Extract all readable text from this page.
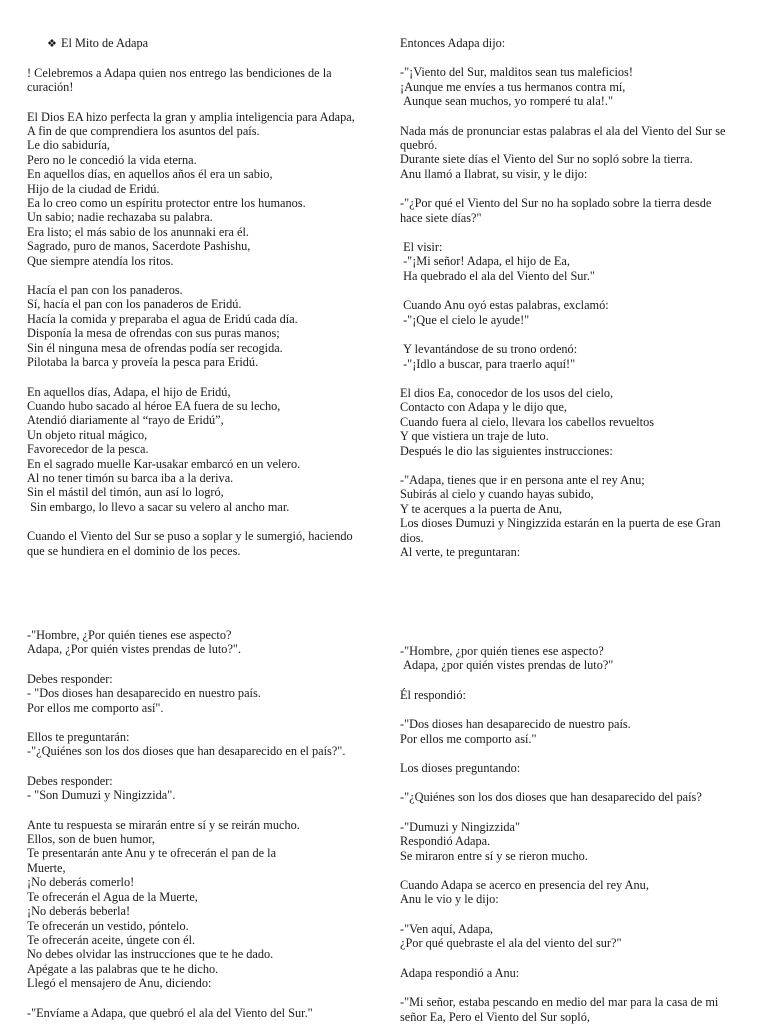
❖ El Mito de Adapa

! Celebremos a Adapa quien nos entrego las bendiciones de la
curación!

El Dios EA hizo perfecta la gran y amplia inteligencia para Adapa,
A fin de que comprendiera los asuntos del país.
Le dio sabiduría,
Pero no le concedió la vida eterna.
En aquellos días, en aquellos años él era un sabio,
Hijo de la ciudad de Eridú.
Ea lo creo como un espíritu protector entre los humanos.
Un sabio; nadie rechazaba su palabra.
Era listo; el más sabio de los anunnaki era él.
Sagrado, puro de manos, Sacerdote Pashishu,
Que siempre atendía los ritos.

Hacía el pan con los panaderos.
Sí, hacía el pan con los panaderos de Eridú.
Hacía la comida y preparaba el agua de Eridú cada día.
Disponía la mesa de ofrendas con sus puras manos;
Sin él ninguna mesa de ofrendas podía ser recogida.
Pilotaba la barca y proveía la pesca para Eridú.

En aquellos días, Adapa, el hijo de Eridú,
Cuando hubo sacado al héroe EA fuera de su lecho,
Atendió diariamente al “rayo de Eridú”,
Un objeto ritual mágico,
Favorecedor de la pesca.
En el sagrado muelle Kar-usakar embarcó en un velero.
Al no tener timón su barca iba a la deriva.
Sin el mástil del timón, aun así lo logró,
Sin embargo, lo llevo a sacar su velero al ancho mar.

Cuando el Viento del Sur se puso a soplar y le sumergió, haciendo
que se hundiera en el dominio de los peces.

Entonces Adapa dijo:

-"¡Viento del Sur, malditos sean tus maleficios!
¡Aunque me envíes a tus hermanos contra mí,
Aunque sean muchos, yo romperé tu ala!."

Nada más de pronunciar estas palabras el ala del Viento del Sur se
quebró.
Durante siete días el Viento del Sur no sopló sobre la tierra.
Anu llamó a Ilabrat, su visir, y le dijo:

-"¿Por qué el Viento del Sur no ha soplado sobre la tierra desde
hace siete días?"

El visir:
-"¡Mi señor! Adapa, el hijo de Ea,
Ha quebrado el ala del Viento del Sur."

Cuando Anu oyó estas palabras, exclamó:
-"¡Que el cielo le ayude!"

Y levantándose de su trono ordenó:
-"¡Idlo a buscar, para traerlo aquí!"

El dios Ea, conocedor de los usos del cielo,
Contacto con Adapa y le dijo que,
Cuando fuera al cielo, llevara los cabellos revueltos
Y que vistiera un traje de luto.
Después le dio las siguientes instrucciones:

-"Adapa, tienes que ir en persona ante el rey Anu;
Subirás al cielo y cuando hayas subido,
Y te acerques a la puerta de Anu,
Los dioses Dumuzi y Ningizzida estarán en la puerta de ese Gran
dios.
Al verte, te preguntaran:

-"Hombre, ¿Por quién tienes ese aspecto?
Adapa, ¿Por quién vistes prendas de luto?".

Debes responder:
- "Dos dioses han desaparecido en nuestro país.
Por ellos me comporto así".

Ellos te preguntarán:
-"¿Quiénes son los dos dioses que han desaparecido en el país?".

Debes responder:
- "Son Dumuzi y Ningizzida".

Ante tu respuesta se mirarán entre sí y se reirán mucho.
Ellos, son de buen humor,
Te presentarán ante Anu y te ofrecerán el pan de la
Muerte,
¡No deberás comerlo!
Te ofrecerán el Agua de la Muerte,
¡No deberás beberla!
Te ofrecerán un vestido, póntelo.
Te ofrecerán aceite, úngete con él.
No debes olvidar las instrucciones que te he dado.
Apégate a las palabras que te he dicho.
Llegó el mensajero de Anu, diciendo:

-"Envíame a Adapa, que quebró el ala del Viento del Sur."

-"Hombre, ¿por quién tienes ese aspecto?
Adapa, ¿por quién vistes prendas de luto?"

Él respondió:

-"Dos dioses han desaparecido de nuestro país.
Por ellos me comporto así."

Los dioses preguntando:

-"¿Quiénes son los dos dioses que han desaparecido del país?

-"Dumuzi y Ningizzida"
Respondió Adapa.
Se miraron entre sí y se rieron mucho.

Cuando Adapa se acerco en presencia del rey Anu,
Anu le vio y le dijo:

-"Ven aquí, Adapa,
¿Por qué quebraste el ala del viento del sur?"

Adapa respondió a Anu:

-"Mi señor, estaba pescando en medio del mar para la casa de mi
señor Ea, Pero el Viento del Sur sopló,
